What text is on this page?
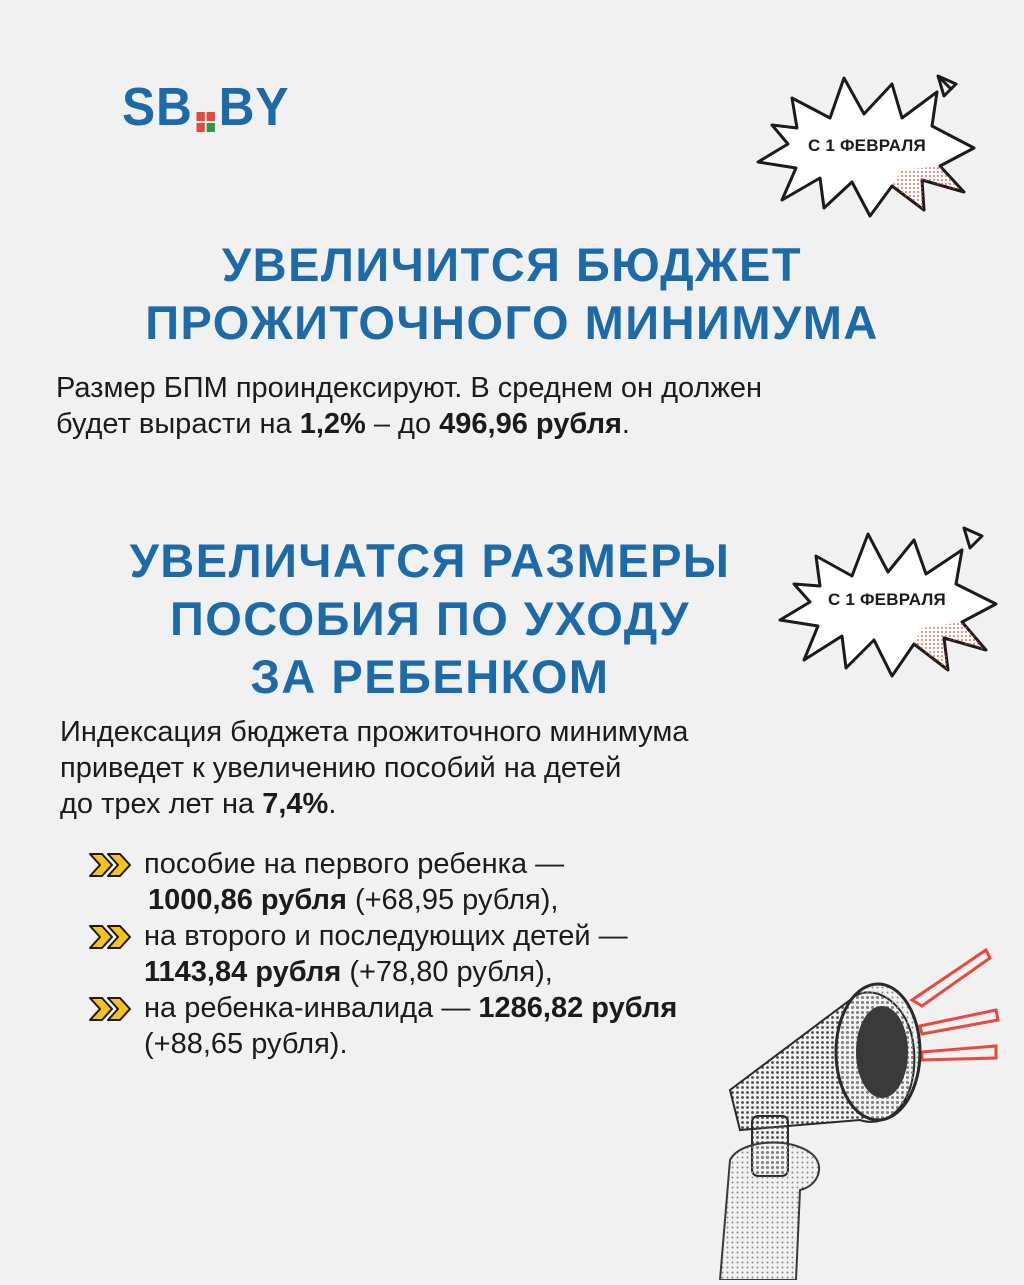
SB BY
С 1 ФЕВРАЛЯ
УВЕЛИЧИТСЯ БЮДЖЕТ
ПРОЖИТОЧНОГО МИНИМУМА
Размер БПМ проиндексируют. В среднем он должен
будет вырасти на 1,2% – до 496,96 рубля.
УВЕЛИЧАТСЯ РАЗМЕРЫ
ПОСОБИЯ ПО УХОДУ
ЗА РЕБЕНКОМ
С 1 ФЕВРАЛЯ
Индексация бюджета прожиточного минимума
приведет к увеличению пособий на детей
до трех лет на 7,4%.
пособие на первого ребенка —
1000,86 рубля (+68,95 рубля),
на второго и последующих детей —
1143,84 рубля (+78,80 рубля),
на ребенка-инвалида — 1286,82 рубля
(+88,65 рубля).
